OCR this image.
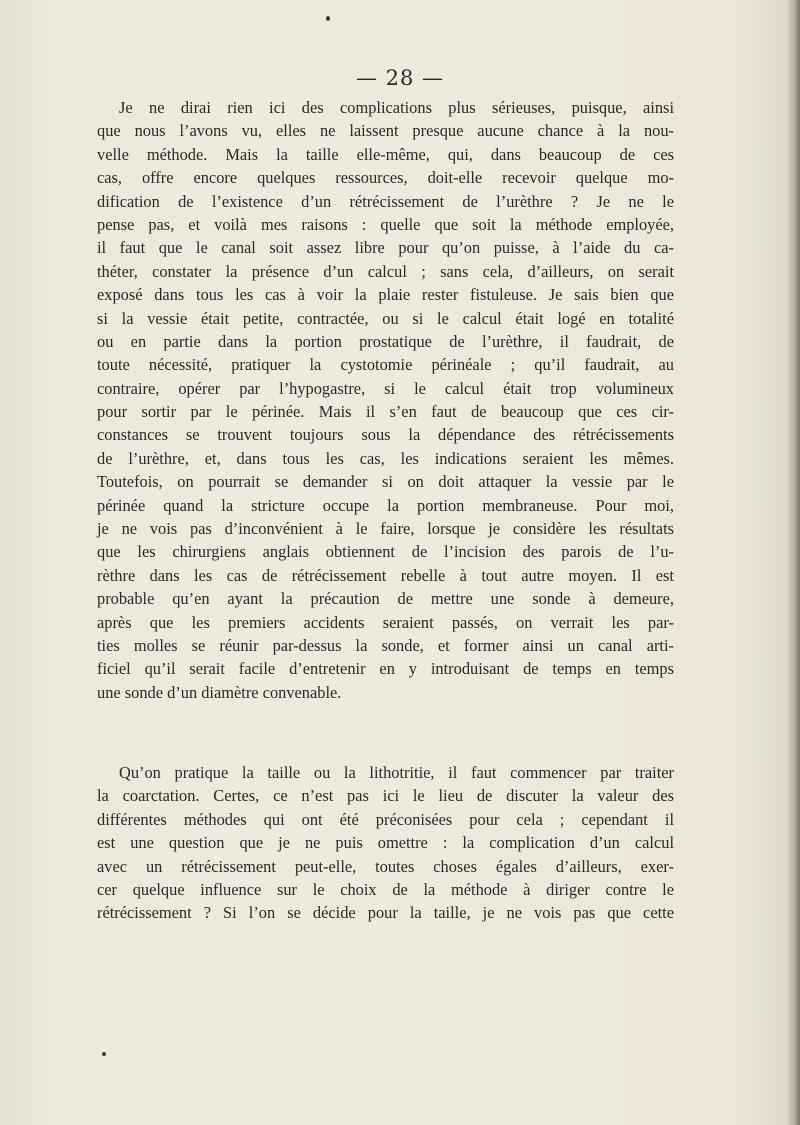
— 28 —
Je ne dirai rien ici des complications plus sérieuses, puisque, ainsi
que nous l’avons vu, elles ne laissent presque aucune chance à la nou-
velle méthode. Mais la taille elle-même, qui, dans beaucoup de ces
cas, offre encore quelques ressources, doit-elle recevoir quelque mo-
dification de l’existence d’un rétrécissement de l’urèthre ? Je ne le
pense pas, et voilà mes raisons : quelle que soit la méthode employée,
il faut que le canal soit assez libre pour qu’on puisse, à l’aide du ca-
théter, constater la présence d’un calcul ; sans cela, d’ailleurs, on serait
exposé dans tous les cas à voir la plaie rester fistuleuse. Je sais bien que
si la vessie était petite, contractée, ou si le calcul était logé en totalité
ou en partie dans la portion prostatique de l’urèthre, il faudrait, de
toute nécessité, pratiquer la cystotomie périnéale ; qu’il faudrait, au
contraire, opérer par l’hypogastre, si le calcul était trop volumineux
pour sortir par le périnée. Mais il s’en faut de beaucoup que ces cir-
constances se trouvent toujours sous la dépendance des rétrécissements
de l’urèthre, et, dans tous les cas, les indications seraient les mêmes.
Toutefois, on pourrait se demander si on doit attaquer la vessie par le
périnée quand la stricture occupe la portion membraneuse. Pour moi,
je ne vois pas d’inconvénient à le faire, lorsque je considère les résultats
que les chirurgiens anglais obtiennent de l’incision des parois de l’u-
rèthre dans les cas de rétrécissement rebelle à tout autre moyen. Il est
probable qu’en ayant la précaution de mettre une sonde à demeure,
après que les premiers accidents seraient passés, on verrait les par-
ties molles se réunir par-dessus la sonde, et former ainsi un canal arti-
ficiel qu’il serait facile d’entretenir en y introduisant de temps en temps
une sonde d’un diamètre convenable.
Qu’on pratique la taille ou la lithotritie, il faut commencer par traiter
la coarctation. Certes, ce n’est pas ici le lieu de discuter la valeur des
différentes méthodes qui ont été préconisées pour cela ; cependant il
est une question que je ne puis omettre : la complication d’un calcul
avec un rétrécissement peut-elle, toutes choses égales d’ailleurs, exer-
cer quelque influence sur le choix de la méthode à diriger contre le
rétrécissement ? Si l’on se décide pour la taille, je ne vois pas que cette
